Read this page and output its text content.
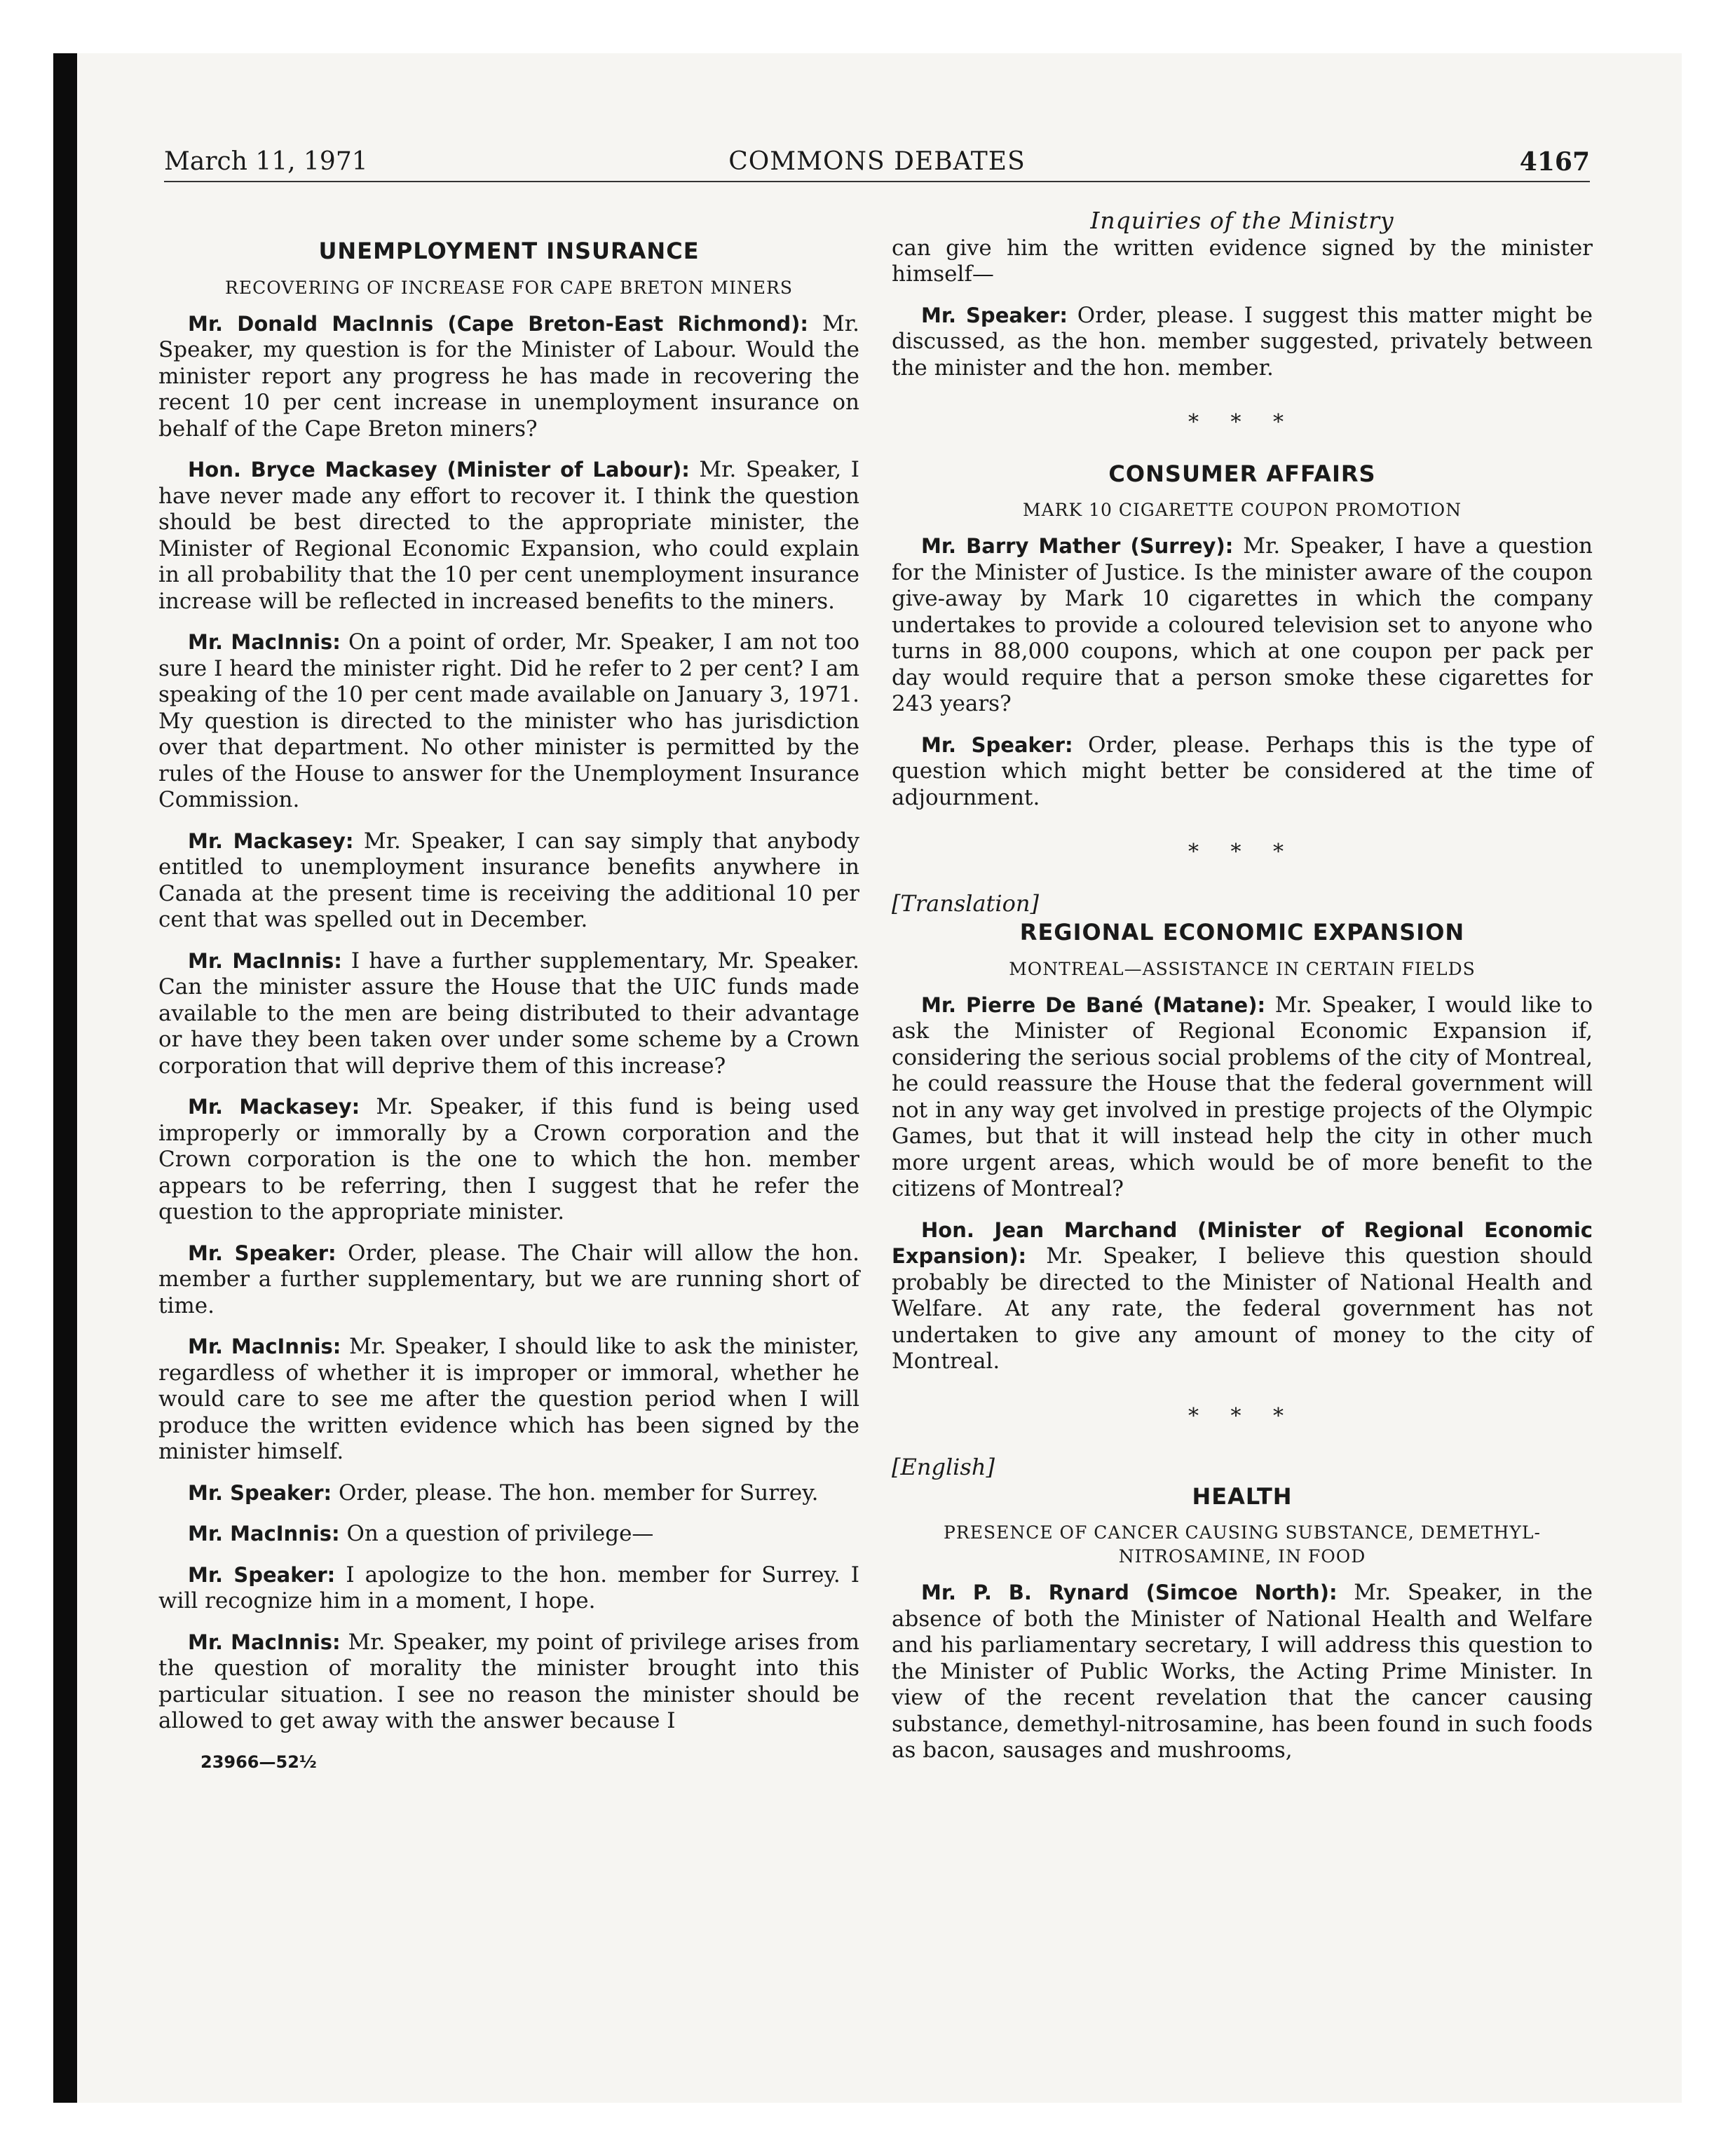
March 11, 1971	COMMONS DEBATES	4167
UNEMPLOYMENT INSURANCE
RECOVERING OF INCREASE FOR CAPE BRETON MINERS

Mr. Donald MacInnis (Cape Breton-East Richmond): Mr. Speaker, my question is for the Minister of Labour. Would the minister report any progress he has made in recovering the recent 10 per cent increase in unemployment insurance on behalf of the Cape Breton miners?

Hon. Bryce Mackasey (Minister of Labour): Mr. Speaker, I have never made any effort to recover it. I think the question should be best directed to the appropriate minister, the Minister of Regional Economic Expansion, who could explain in all probability that the 10 per cent unemployment insurance increase will be reflected in increased benefits to the miners.

Mr. MacInnis: On a point of order, Mr. Speaker, I am not too sure I heard the minister right. Did he refer to 2 per cent? I am speaking of the 10 per cent made available on January 3, 1971. My question is directed to the minister who has jurisdiction over that department. No other minister is permitted by the rules of the House to answer for the Unemployment Insurance Commission.

Mr. Mackasey: Mr. Speaker, I can say simply that anybody entitled to unemployment insurance benefits anywhere in Canada at the present time is receiving the additional 10 per cent that was spelled out in December.

Mr. MacInnis: I have a further supplementary, Mr. Speaker. Can the minister assure the House that the UIC funds made available to the men are being distributed to their advantage or have they been taken over under some scheme by a Crown corporation that will deprive them of this increase?

Mr. Mackasey: Mr. Speaker, if this fund is being used improperly or immorally by a Crown corporation and the Crown corporation is the one to which the hon. member appears to be referring, then I suggest that he refer the question to the appropriate minister.

Mr. Speaker: Order, please. The Chair will allow the hon. member a further supplementary, but we are running short of time.

Mr. MacInnis: Mr. Speaker, I should like to ask the minister, regardless of whether it is improper or immoral, whether he would care to see me after the question period when I will produce the written evidence which has been signed by the minister himself.

Mr. Speaker: Order, please. The hon. member for Surrey.

Mr. MacInnis: On a question of privilege—

Mr. Speaker: I apologize to the hon. member for Surrey. I will recognize him in a moment, I hope.

Mr. MacInnis: Mr. Speaker, my point of privilege arises from the question of morality the minister brought into this particular situation. I see no reason the minister should be allowed to get away with the answer because I

23966—52½
Inquiries of the Ministry

can give him the written evidence signed by the minister himself—

Mr. Speaker: Order, please. I suggest this matter might be discussed, as the hon. member suggested, privately between the minister and the hon. member.

* * *
CONSUMER AFFAIRS
MARK 10 CIGARETTE COUPON PROMOTION

Mr. Barry Mather (Surrey): Mr. Speaker, I have a question for the Minister of Justice. Is the minister aware of the coupon give-away by Mark 10 cigarettes in which the company undertakes to provide a coloured television set to anyone who turns in 88,000 coupons, which at one coupon per pack per day would require that a person smoke these cigarettes for 243 years?

Mr. Speaker: Order, please. Perhaps this is the type of question which might better be considered at the time of adjournment.

* * *
[Translation]
REGIONAL ECONOMIC EXPANSION
MONTREAL—ASSISTANCE IN CERTAIN FIELDS

Mr. Pierre De Bané (Matane): Mr. Speaker, I would like to ask the Minister of Regional Economic Expansion if, considering the serious social problems of the city of Montreal, he could reassure the House that the federal government will not in any way get involved in prestige projects of the Olympic Games, but that it will instead help the city in other much more urgent areas, which would be of more benefit to the citizens of Montreal?

Hon. Jean Marchand (Minister of Regional Economic Expansion): Mr. Speaker, I believe this question should probably be directed to the Minister of National Health and Welfare. At any rate, the federal government has not undertaken to give any amount of money to the city of Montreal.

* * *
[English]
HEALTH
PRESENCE OF CANCER CAUSING SUBSTANCE, DEMETHYL-NITROSAMINE, IN FOOD

Mr. P. B. Rynard (Simcoe North): Mr. Speaker, in the absence of both the Minister of National Health and Welfare and his parliamentary secretary, I will address this question to the Minister of Public Works, the Acting Prime Minister. In view of the recent revelation that the cancer causing substance, demethyl-nitrosamine, has been found in such foods as bacon, sausages and mushrooms,
